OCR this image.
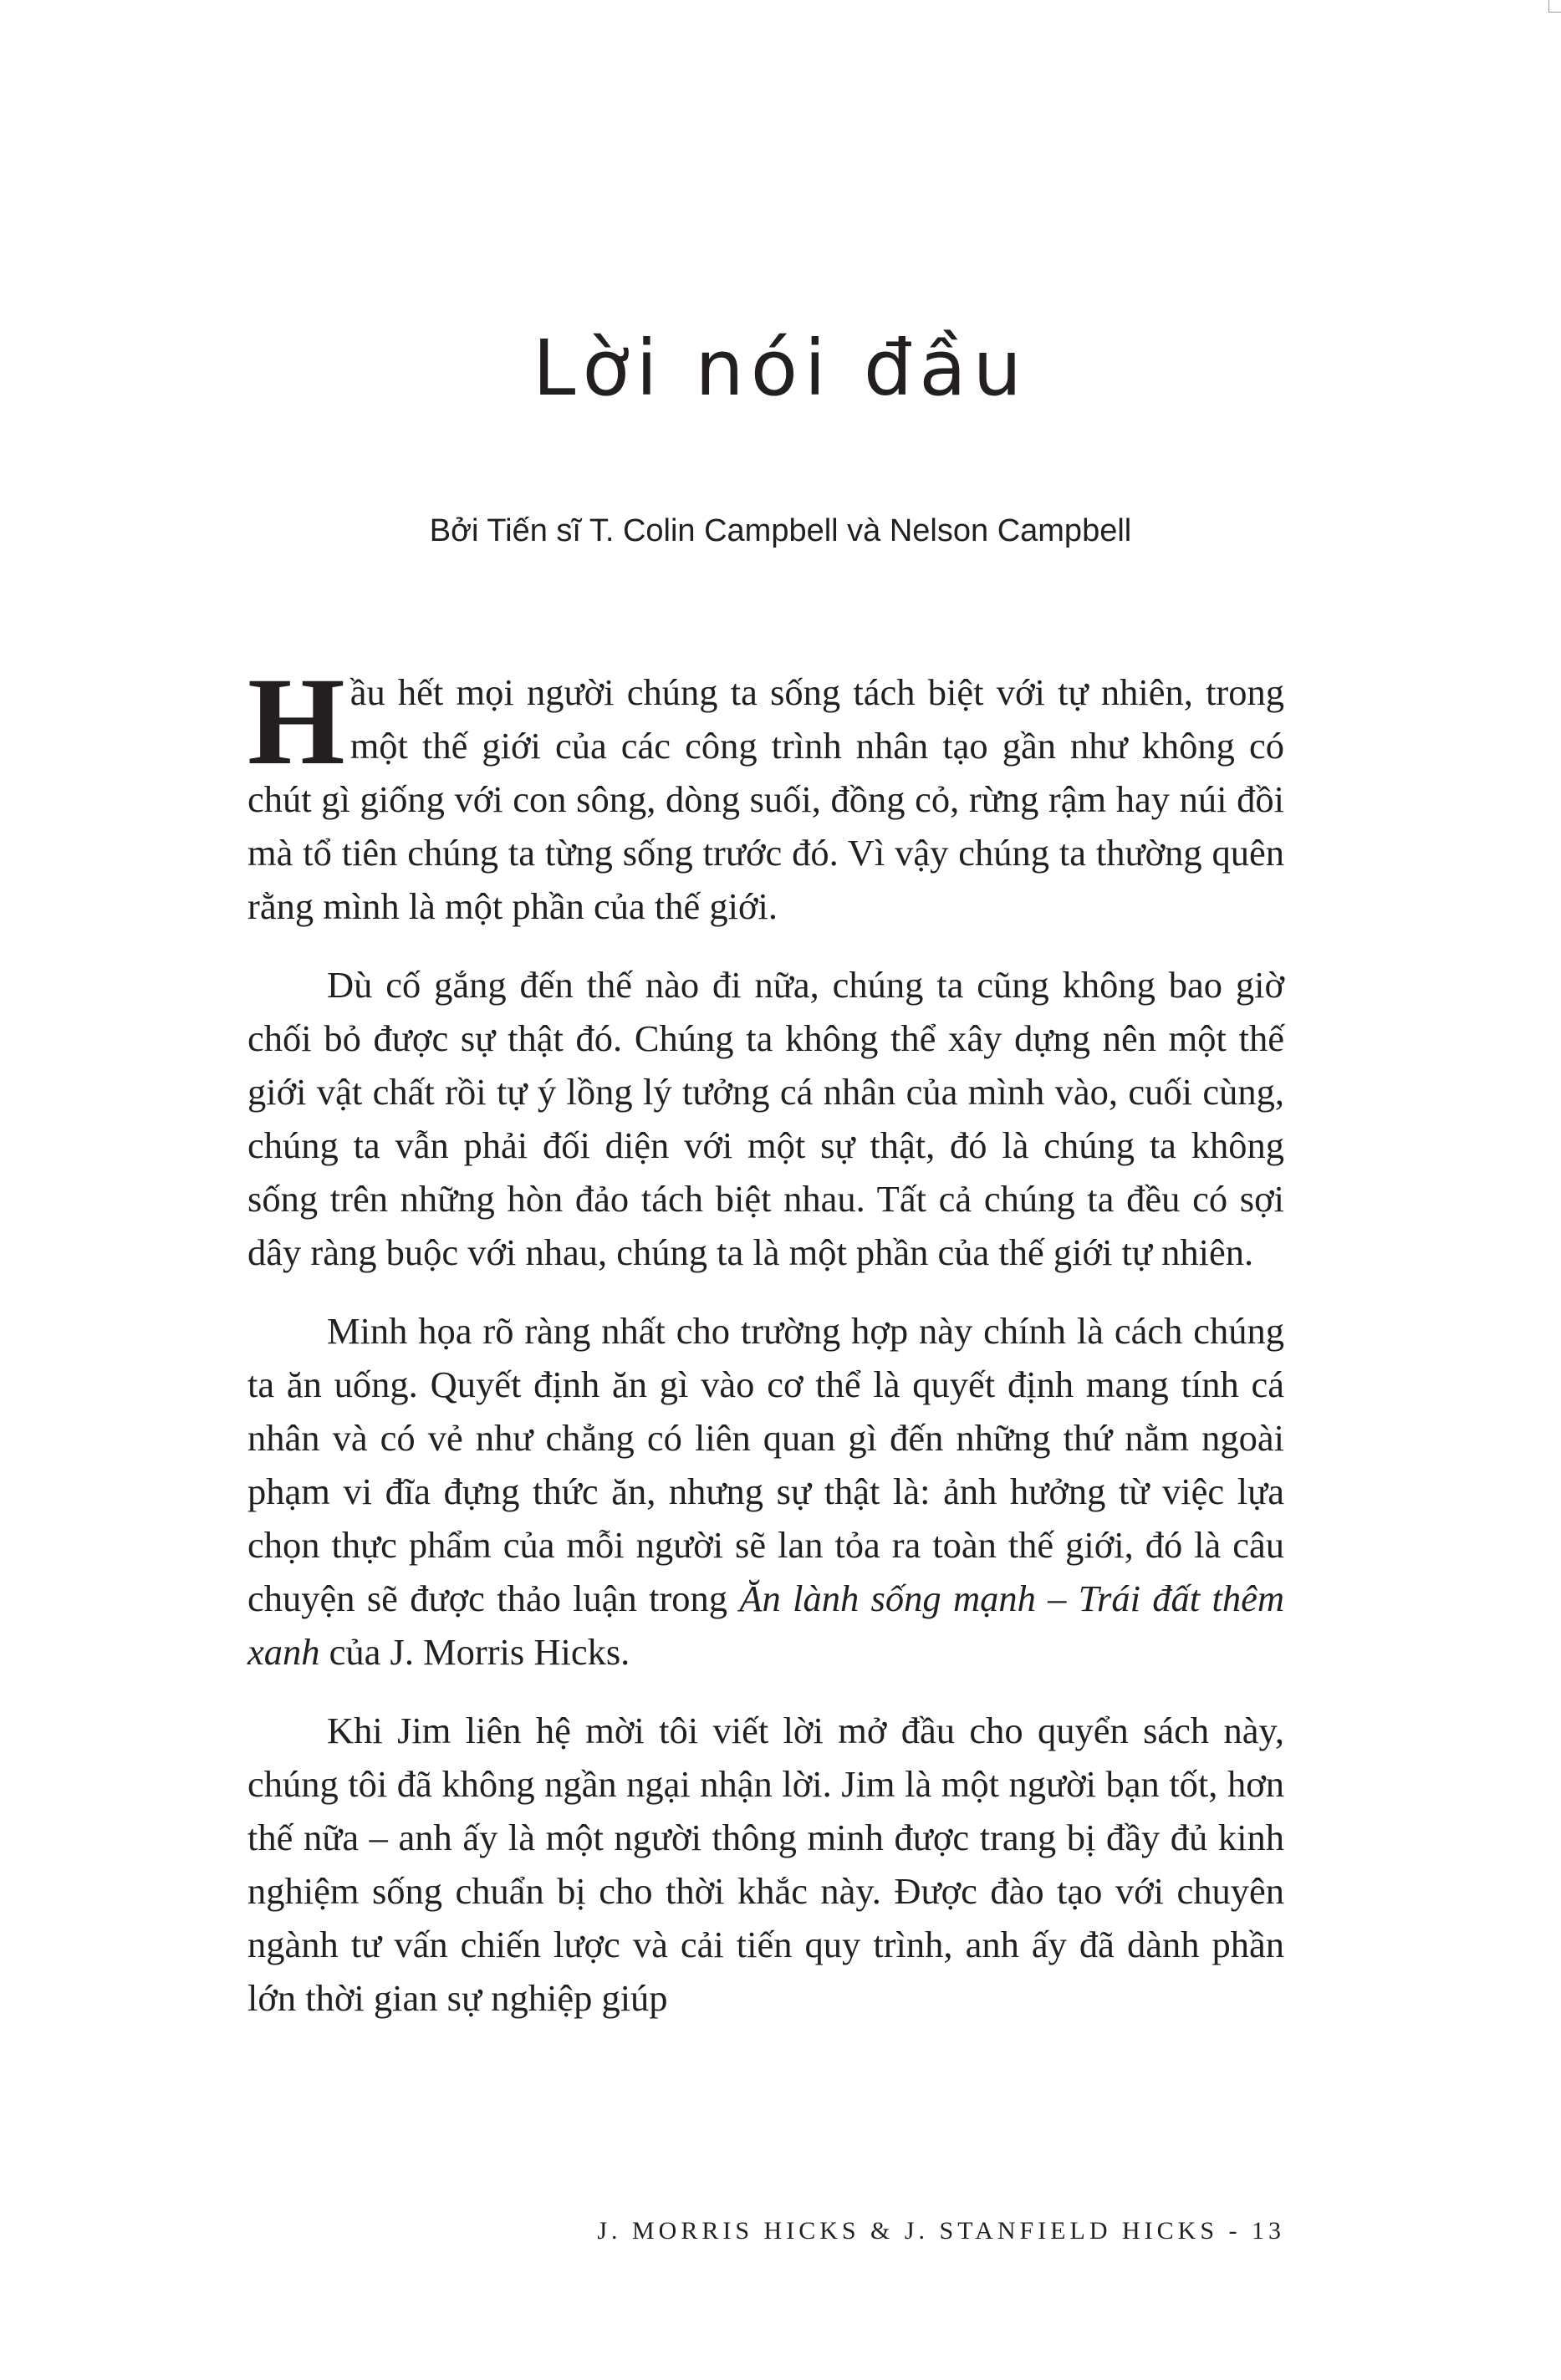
Lời nói đầu

Bởi Tiến sĩ T. Colin Campbell và Nelson Campbell

Hầu hết mọi người chúng ta sống tách biệt với tự nhiên, trong một thế giới của các công trình nhân tạo gần như không có chút gì giống với con sông, dòng suối, đồng cỏ, rừng rậm hay núi đồi mà tổ tiên chúng ta từng sống trước đó. Vì vậy chúng ta thường quên rằng mình là một phần của thế giới.

Dù cố gắng đến thế nào đi nữa, chúng ta cũng không bao giờ chối bỏ được sự thật đó. Chúng ta không thể xây dựng nên một thế giới vật chất rồi tự ý lồng lý tưởng cá nhân của mình vào, cuối cùng, chúng ta vẫn phải đối diện với một sự thật, đó là chúng ta không sống trên những hòn đảo tách biệt nhau. Tất cả chúng ta đều có sợi dây ràng buộc với nhau, chúng ta là một phần của thế giới tự nhiên.

Minh họa rõ ràng nhất cho trường hợp này chính là cách chúng ta ăn uống. Quyết định ăn gì vào cơ thể là quyết định mang tính cá nhân và có vẻ như chẳng có liên quan gì đến những thứ nằm ngoài phạm vi đĩa đựng thức ăn, nhưng sự thật là: ảnh hưởng từ việc lựa chọn thực phẩm của mỗi người sẽ lan tỏa ra toàn thế giới, đó là câu chuyện sẽ được thảo luận trong Ăn lành sống mạnh – Trái đất thêm xanh của J. Morris Hicks.

Khi Jim liên hệ mời tôi viết lời mở đầu cho quyển sách này, chúng tôi đã không ngần ngại nhận lời. Jim là một người bạn tốt, hơn thế nữa – anh ấy là một người thông minh được trang bị đầy đủ kinh nghiệm sống chuẩn bị cho thời khắc này. Được đào tạo với chuyên ngành tư vấn chiến lược và cải tiến quy trình, anh ấy đã dành phần lớn thời gian sự nghiệp giúp

J. MORRIS HICKS & J. STANFIELD HICKS - 13
